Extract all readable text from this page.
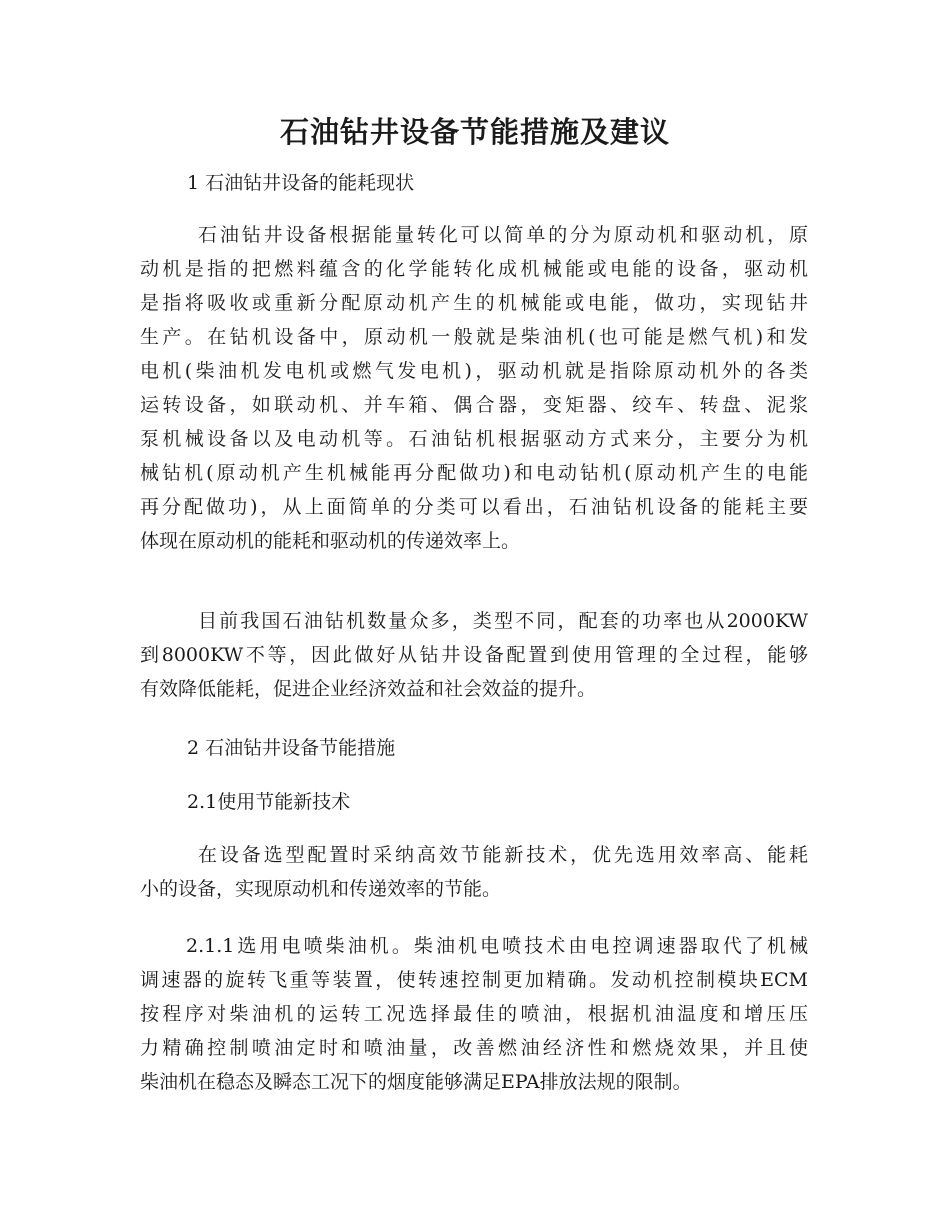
石油钻井设备节能措施及建议
1 石油钻井设备的能耗现状
石油钻井设备根据能量转化可以简单的分为原动机和驱动机，原
动机是指的把燃料蕴含的化学能转化成机械能或电能的设备，驱动机
是指将吸收或重新分配原动机产生的机械能或电能，做功，实现钻井
生产。在钻机设备中，原动机一般就是柴油机(也可能是燃气机)和发
电机(柴油机发电机或燃气发电机)，驱动机就是指除原动机外的各类
运转设备，如联动机、并车箱、偶合器，变矩器、绞车、转盘、泥浆
泵机械设备以及电动机等。石油钻机根据驱动方式来分，主要分为机
械钻机(原动机产生机械能再分配做功)和电动钻机(原动机产生的电能
再分配做功)，从上面简单的分类可以看出，石油钻机设备的能耗主要
体现在原动机的能耗和驱动机的传递效率上。
目前我国石油钻机数量众多，类型不同，配套的功率也从2000KW
到8000KW不等，因此做好从钻井设备配置到使用管理的全过程，能够
有效降低能耗，促进企业经济效益和社会效益的提升。
2 石油钻井设备节能措施
2.1使用节能新技术
在设备选型配置时采纳高效节能新技术，优先选用效率高、能耗
小的设备，实现原动机和传递效率的节能。
2.1.1选用电喷柴油机。柴油机电喷技术由电控调速器取代了机械
调速器的旋转飞重等装置，使转速控制更加精确。发动机控制模块ECM
按程序对柴油机的运转工况选择最佳的喷油，根据机油温度和增压压
力精确控制喷油定时和喷油量，改善燃油经济性和燃烧效果，并且使
柴油机在稳态及瞬态工况下的烟度能够满足EPA排放法规的限制。
